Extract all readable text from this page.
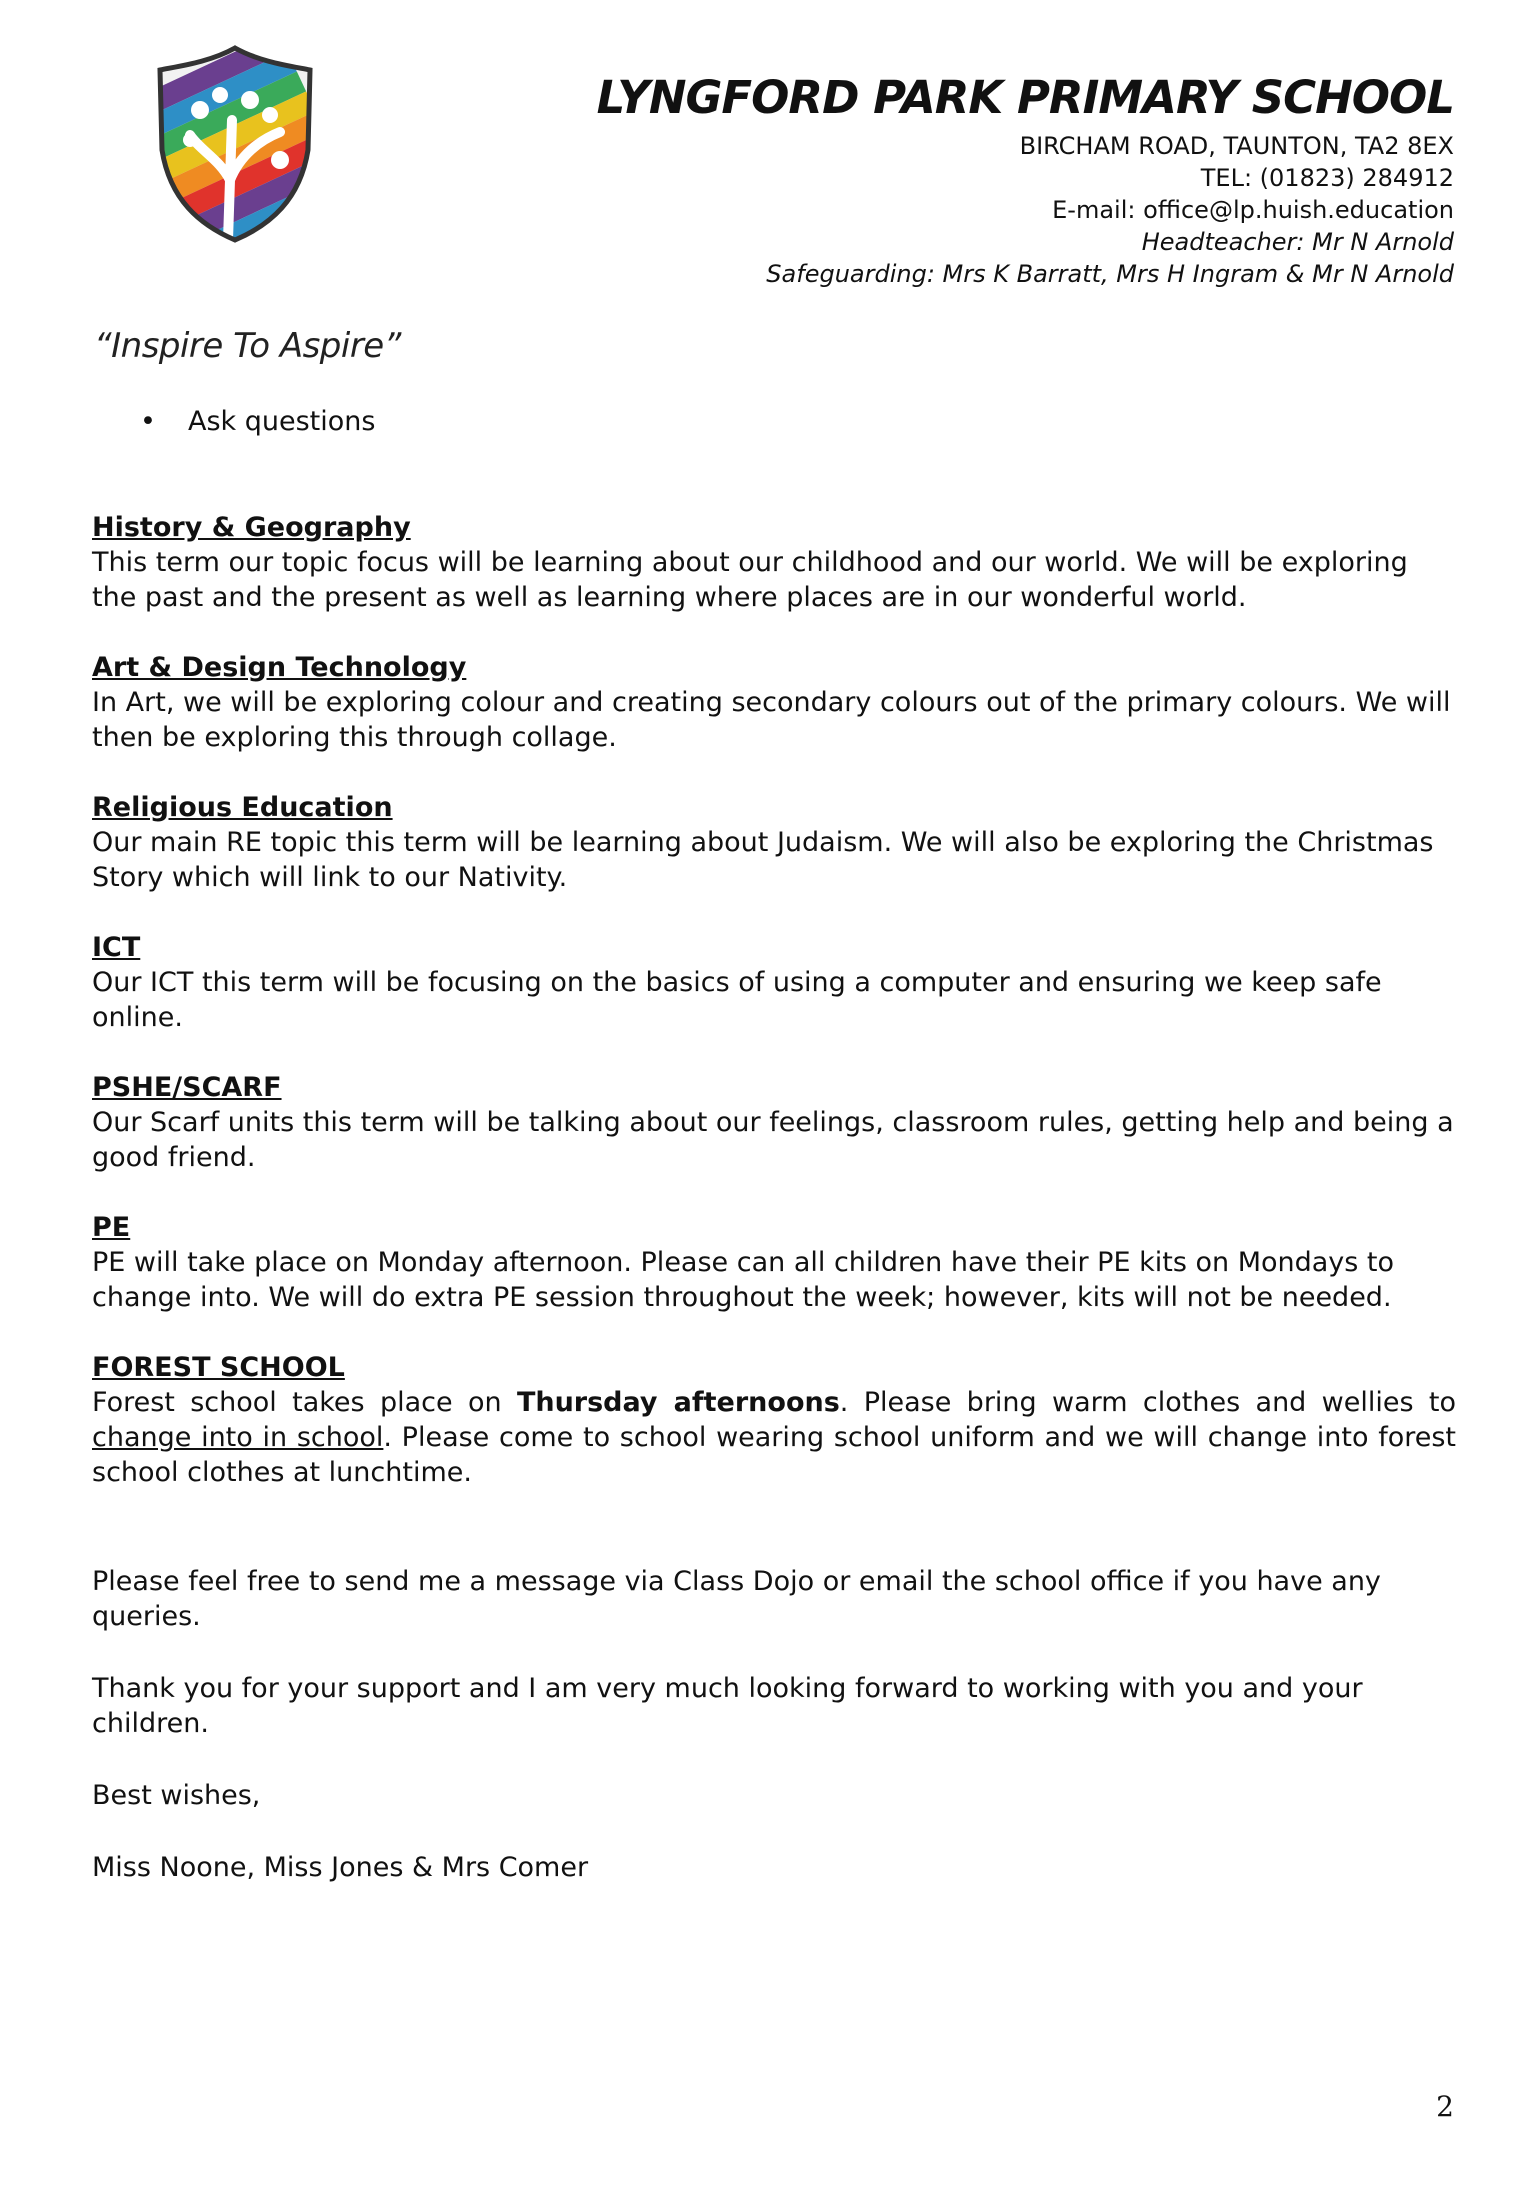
LYNGFORD PARK PRIMARY SCHOOL
BIRCHAM ROAD, TAUNTON, TA2 8EX
TEL: (01823) 284912
E-mail: office@lp.huish.education
Headteacher: Mr N Arnold
Safeguarding: Mrs K Barratt, Mrs H Ingram & Mr N Arnold
“Inspire To Aspire”
• Ask questions
History & Geography

This term our topic focus will be learning about our childhood and our world. We will be exploring the past and the present as well as learning where places are in our wonderful world.

Art & Design Technology

In Art, we will be exploring colour and creating secondary colours out of the primary colours. We will then be exploring this through collage.

Religious Education

Our main RE topic this term will be learning about Judaism. We will also be exploring the Christmas Story which will link to our Nativity.

ICT

Our ICT this term will be focusing on the basics of using a computer and ensuring we keep safe online.

PSHE/SCARF

Our Scarf units this term will be talking about our feelings, classroom rules, getting help and being a good friend.

PE

PE will take place on Monday afternoon. Please can all children have their PE kits on Mondays to change into. We will do extra PE session throughout the week; however, kits will not be needed.

FOREST SCHOOL

Forest school takes place on Thursday afternoons. Please bring warm clothes and wellies to change into in school. Please come to school wearing school uniform and we will change into forest school clothes at lunchtime.

Please feel free to send me a message via Class Dojo or email the school office if you have any queries.

Thank you for your support and I am very much looking forward to working with you and your children.

Best wishes,

Miss Noone, Miss Jones & Mrs Comer

2
